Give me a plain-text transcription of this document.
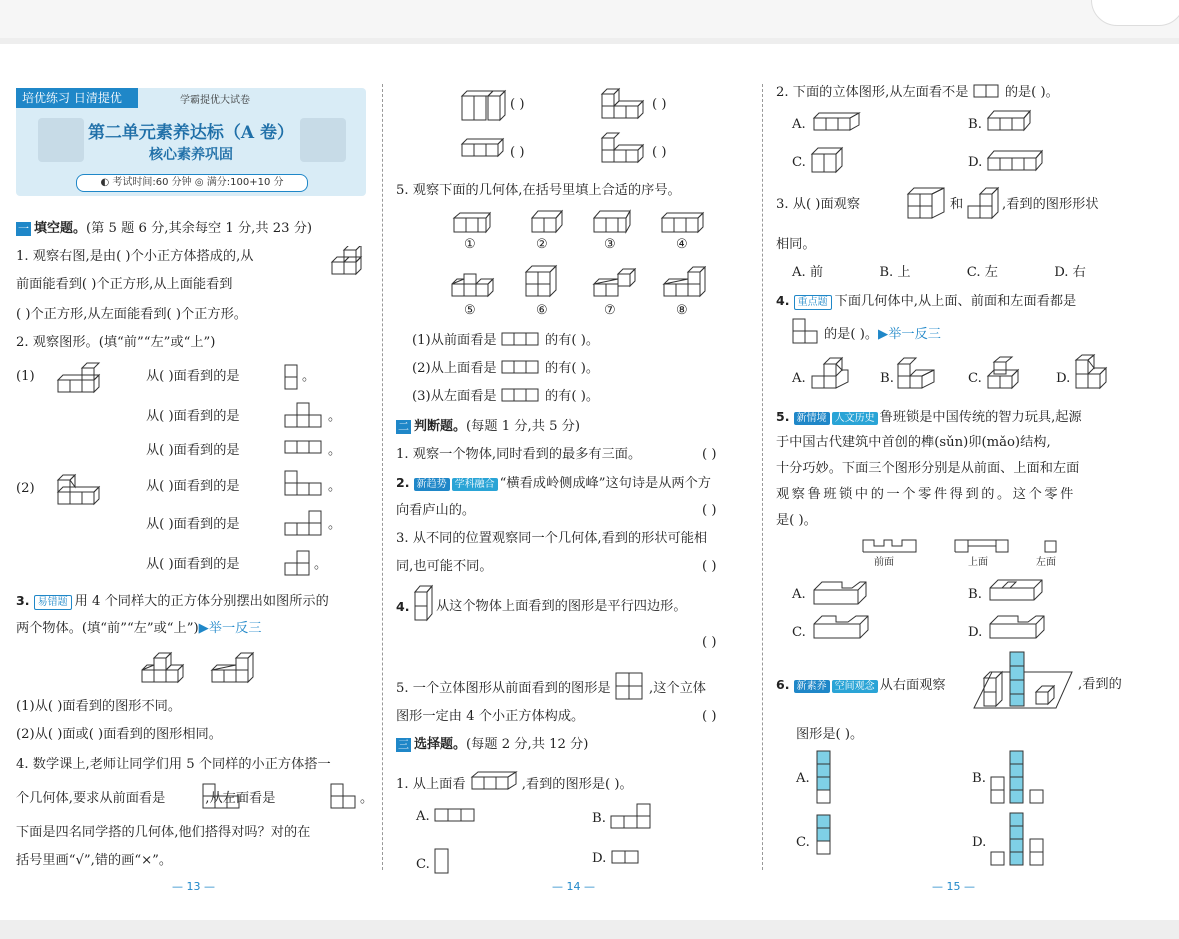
培优练习 日清提优	学霸提优大试卷
第二单元素养达标（A 卷）
核心素养巩固
◐ 考试时间:60 分钟 ◎ 满分:100+10 分
一 填空题。(第 5 题 6 分,其余每空 1 分,共 23 分)
1. 观察右图,是由( )个小正方体搭成的,从
前面能看到( )个正方形,从上面能看到
( )个正方形,从左面能看到( )个正方形。
2. 观察图形。(填“前”“左”或“上”)
(1)	从( )面看到的是	。
从( )面看到的是	。
从( )面看到的是	。
(2)	从( )面看到的是	。
从( )面看到的是	。
从( )面看到的是	。
3. 易错题 用 4 个同样大的正方体分别摆出如图所示的
两个物体。(填“前”“左”或“上”)▶举一反三
(1)从( )面看到的图形不同。
(2)从( )面或( )面看到的图形相同。
4. 数学课上,老师让同学们用 5 个同样的小正方体搭一
个几何体,要求从前面看是	,从左面看是	。
下面是四名同学搭的几何体,他们搭得对吗？对的在
括号里画“√”,错的画“×”。
— 13 —
( )	( )
( )	( )
5. 观察下面的几何体,在括号里填上合适的序号。
①	②	③	④
⑤	⑥	⑦	⑧
(1)从前面看是	的有( )。
(2)从上面看是	的有( )。
(3)从左面看是	的有( )。
二 判断题。(每题 1 分,共 5 分)
1. 观察一个物体,同时看到的最多有三面。	( )
2. 新趋势 学科融合 “横看成岭侧成峰”这句诗是从两个方
向看庐山的。	( )
3. 从不同的位置观察同一个几何体,看到的形状可能相
同,也可能不同。	( )
4. 从这个物体上面看到的图形是平行四边形。
( )
5. 一个立体图形从前面看到的图形是	,这个立体
图形一定由 4 个小正方体构成。	( )
三 选择题。(每题 2 分,共 12 分)
1. 从上面看	,看到的图形是( )。
A.	B.
C.	D.
— 14 —
2. 下面的立体图形,从左面看不是	的是( )。
A.	B.
C.	D.
3. 从( )面观察	和	,看到的图形形状
相同。
A. 前	B. 上	C. 左	D. 右
4. 重点题 下面几何体中,从上面、前面和左面看都是
的是( )。▶举一反三
A.	B.	C.	D.
5. 新情境 人文历史 鲁班锁是中国传统的智力玩具,起源
于中国古代建筑中首创的榫(sǔn)卯(mǎo)结构,
十分巧妙。下面三个图形分别是从前面、上面和左面
观察鲁班锁中的一个零件得到的。这个零件
是( )。
前面	上面	左面
A.	B.
C.	D.
6. 新素养 空间观念 从右面观察	,看到的
图形是( )。
A.	B.
C.	D.
— 15 —
